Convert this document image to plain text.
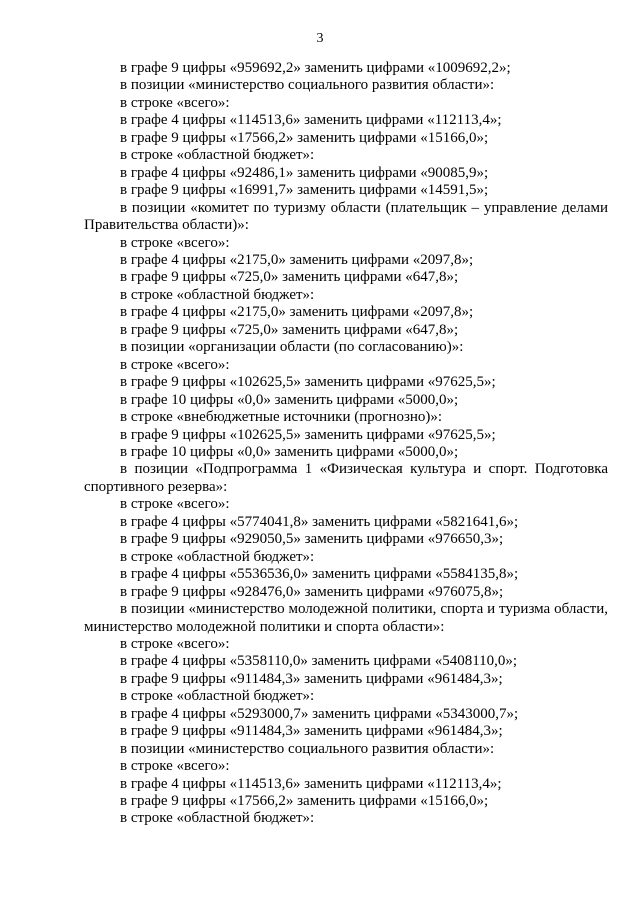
3
в графе 9 цифры «959692,2» заменить цифрами «1009692,2»;
в позиции «министерство социального развития области»:
в строке «всего»:
в графе 4 цифры «114513,6» заменить цифрами «112113,4»;
в графе 9 цифры «17566,2» заменить цифрами «15166,0»;
в строке «областной бюджет»:
в графе 4 цифры «92486,1» заменить цифрами «90085,9»;
в графе 9 цифры «16991,7» заменить цифрами «14591,5»;
в позиции «комитет по туризму области (плательщик – управление делами Правительства области)»:
в строке «всего»:
в графе 4 цифры «2175,0» заменить цифрами «2097,8»;
в графе 9 цифры «725,0» заменить цифрами «647,8»;
в строке «областной бюджет»:
в графе 4 цифры «2175,0» заменить цифрами «2097,8»;
в графе 9 цифры «725,0» заменить цифрами «647,8»;
в позиции «организации области (по согласованию)»:
в строке «всего»:
в графе 9 цифры «102625,5» заменить цифрами «97625,5»;
в графе 10 цифры «0,0» заменить цифрами «5000,0»;
в строке «внебюджетные источники (прогнозно)»:
в графе 9 цифры «102625,5» заменить цифрами «97625,5»;
в графе 10 цифры «0,0» заменить цифрами «5000,0»;
в позиции «Подпрограмма 1 «Физическая культура и спорт. Подготовка спортивного резерва»:
в строке «всего»:
в графе 4 цифры «5774041,8» заменить цифрами «5821641,6»;
в графе 9 цифры «929050,5» заменить цифрами «976650,3»;
в строке «областной бюджет»:
в графе 4 цифры «5536536,0» заменить цифрами «5584135,8»;
в графе 9 цифры «928476,0» заменить цифрами «976075,8»;
в позиции «министерство молодежной политики, спорта и туризма области, министерство молодежной политики и спорта области»:
в строке «всего»:
в графе 4 цифры «5358110,0» заменить цифрами «5408110,0»;
в графе 9 цифры «911484,3» заменить цифрами «961484,3»;
в строке «областной бюджет»:
в графе 4 цифры «5293000,7» заменить цифрами «5343000,7»;
в графе 9 цифры «911484,3» заменить цифрами «961484,3»;
в позиции «министерство социального развития области»:
в строке «всего»:
в графе 4 цифры «114513,6» заменить цифрами «112113,4»;
в графе 9 цифры «17566,2» заменить цифрами «15166,0»;
в строке «областной бюджет»:
